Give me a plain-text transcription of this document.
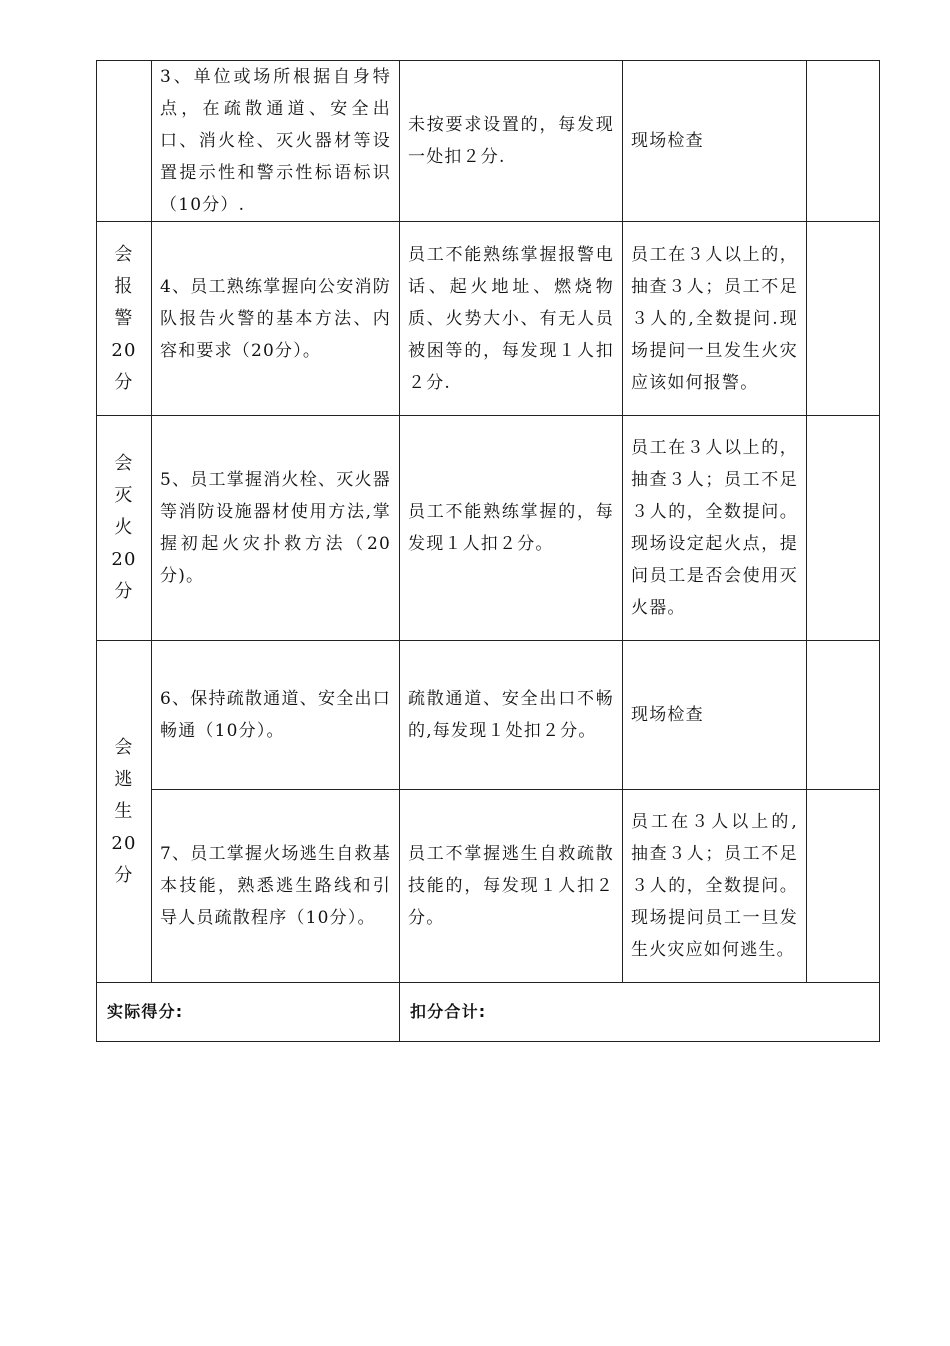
	3、单位或场所根据自身特点，在疏散通道、安全出口、消火栓、灭火器材等设置提示性和警示性标语标识（10分）.	未按要求设置的，每发现一处扣２分.	现场检查	
会报警20分	4、员工熟练掌握向公安消防队报告火警的基本方法、内容和要求（20分）。	员工不能熟练掌握报警电话、起火地址、燃烧物质、火势大小、有无人员被困等的，每发现１人扣２分.	员工在３人以上的，抽查３人；员工不足３人的,全数提问.现场提问一旦发生火灾应该如何报警。	
会灭火20分	5、员工掌握消火栓、灭火器等消防设施器材使用方法,掌握初起火灾扑救方法（20分)。	员工不能熟练掌握的，每发现１人扣２分。	员工在３人以上的，抽查３人；员工不足３人的，全数提问。现场设定起火点，提问员工是否会使用灭火器。	
会逃生20分	6、保持疏散通道、安全出口畅通（10分）。	疏散通道、安全出口不畅的,每发现１处扣２分。	现场检查	
	7、员工掌握火场逃生自救基本技能，熟悉逃生路线和引导人员疏散程序（10分）。	员工不掌握逃生自救疏散技能的，每发现１人扣２分。	员工在３人以上的,抽查３人；员工不足３人的，全数提问。现场提问员工一旦发生火灾应如何逃生。	
实际得分:		扣分合计:		
